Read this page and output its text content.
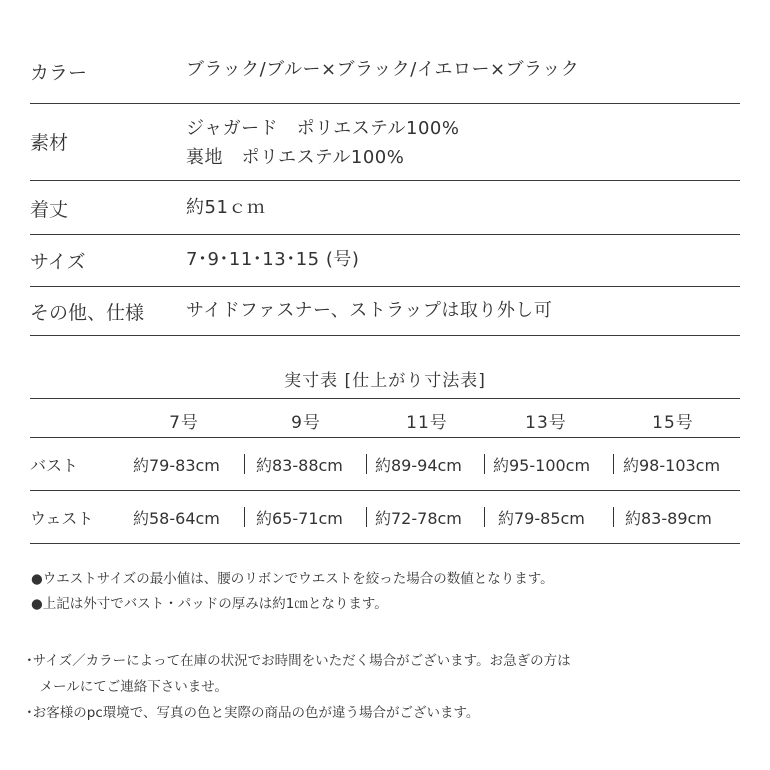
カラー	ブラック/ブルー×ブラック/イエロー×ブラック
素材
ジャガード　ポリエステル100%
裏地　ポリエステル100%
着丈	約51ｃｍ
サイズ	7･9･11･13･15 (号)
その他、仕様 サイドファスナー、ストラップは取り外し可
実寸表 [仕上がり寸法表]
7号	9号	11号	13号	15号
バスト	約79-83cm 約83-88cm 約89-94cm 約95-100cm 約98-103cm
ウェスト 約58-64cm 約65-71cm 約72-78cm 約79-85cm	約83-89cm
●ウエストサイズの最小値は、腰のリボンでウエストを絞った場合の数値となります。
●上記は外寸でバスト・パッドの厚みは約1㎝となります。
･サイズ／カラーによって在庫の状況でお時間をいただく場合がございます。お急ぎの方は
　メールにてご連絡下さいませ。
･お客様のpc環境で、写真の色と実際の商品の色が違う場合がございます。
